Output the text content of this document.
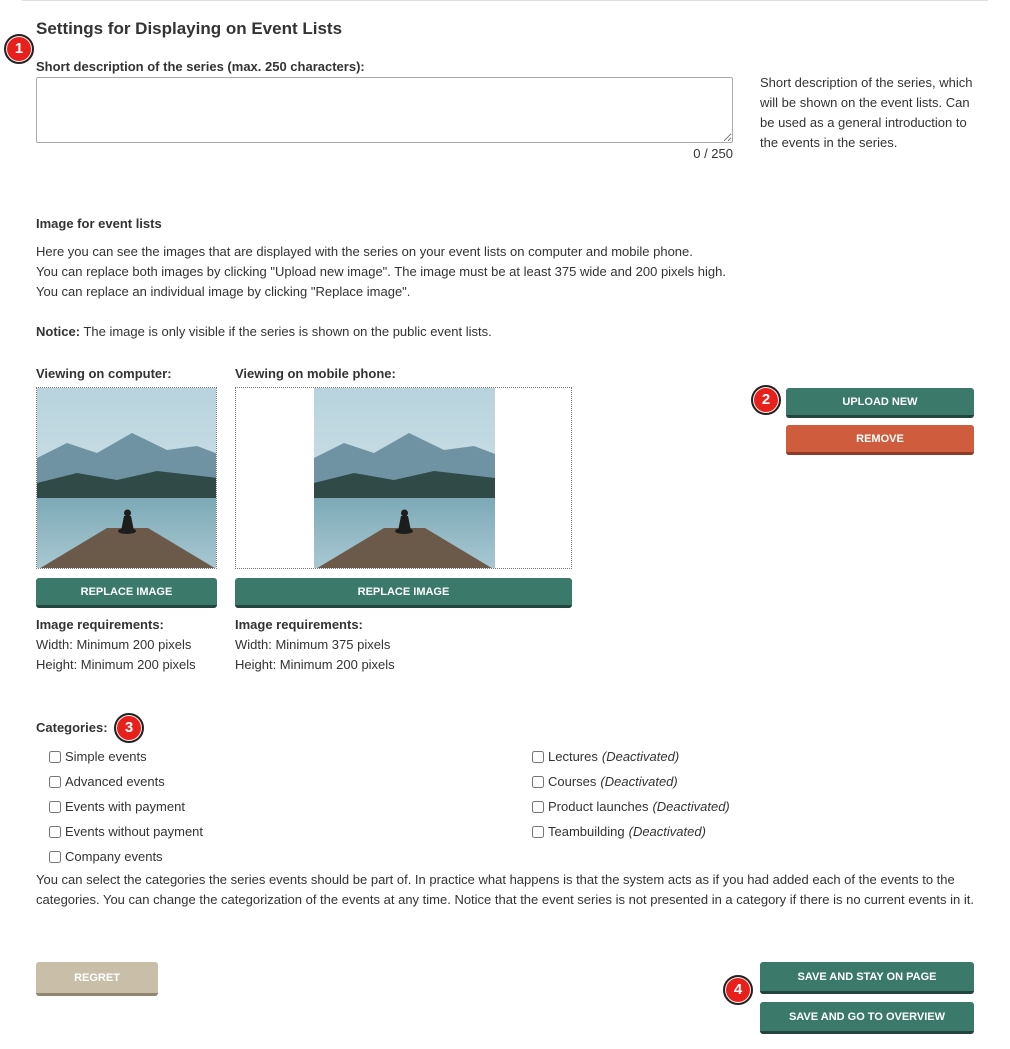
Settings for Displaying on Event Lists
1
Short description of the series (max. 250 characters):
0 / 250
Short description of the series, which will be shown on the event lists. Can be used as a general introduction to the events in the series.
Image for event lists
Here you can see the images that are displayed with the series on your event lists on computer and mobile phone.
You can replace both images by clicking "Upload new image". The image must be at least 375 wide and 200 pixels high.
You can replace an individual image by clicking "Replace image".
Notice: The image is only visible if the series is shown on the public event lists.
Viewing on computer:
REPLACE IMAGE
Image requirements:
Width: Minimum 200 pixels
Height: Minimum 200 pixels
Viewing on mobile phone:
REPLACE IMAGE
Image requirements:
Width: Minimum 375 pixels
Height: Minimum 200 pixels
2	UPLOAD NEW
REMOVE
Categories:	3
Simple events
Advanced events
Events with payment
Events without payment
Company events
Lectures (Deactivated)
Courses (Deactivated)
Product launches (Deactivated)
Teambuilding (Deactivated)
You can select the categories the series events should be part of. In practice what happens is that the system acts as if you had added each of the events to the categories. You can change the categorization of the events at any time. Notice that the event series is not presented in a category if there is no current events in it.
REGRET
4
SAVE AND STAY ON PAGE
SAVE AND GO TO OVERVIEW
